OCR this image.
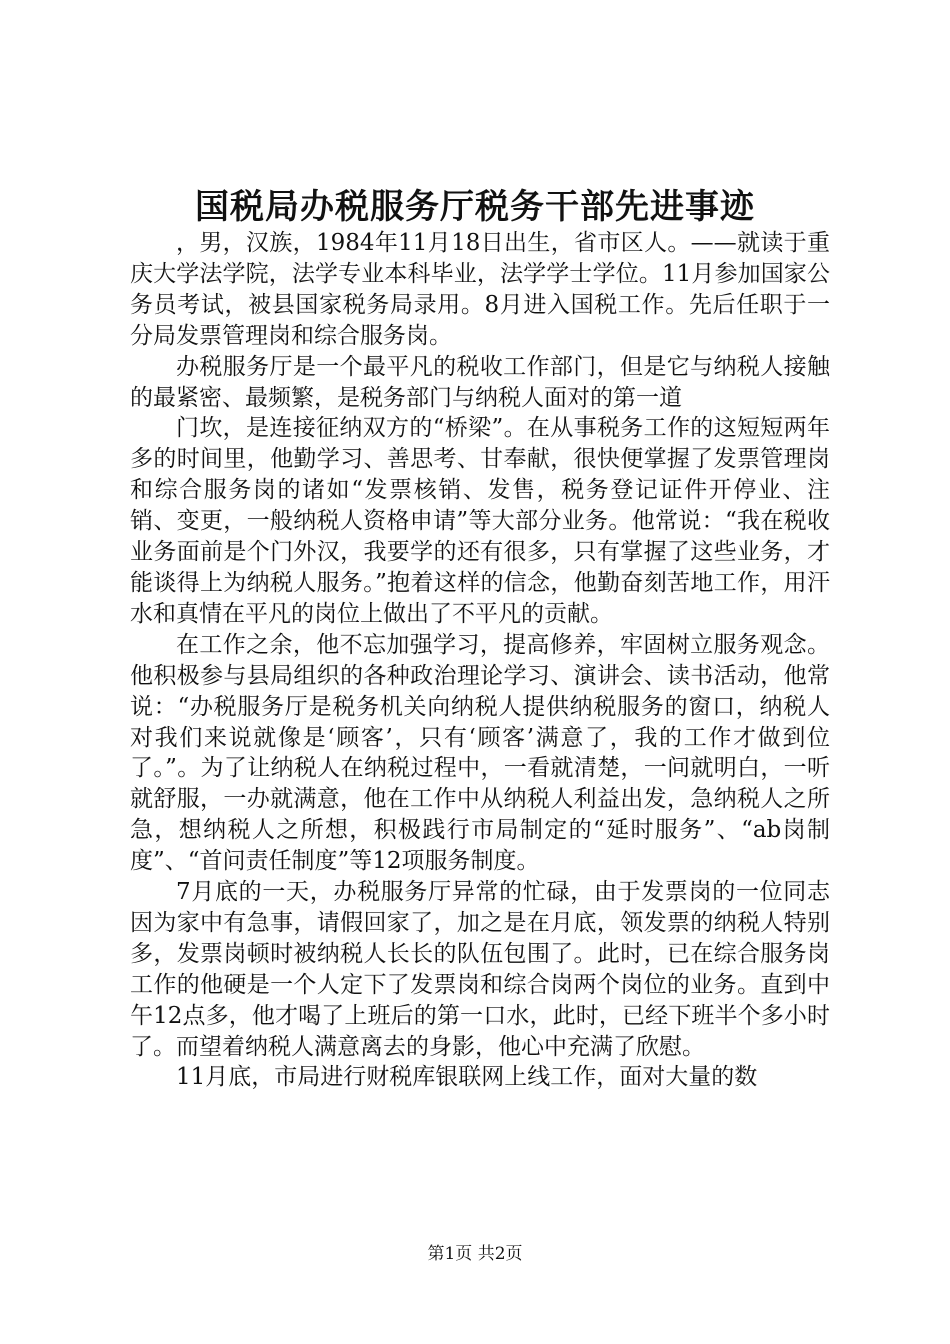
国税局办税服务厅税务干部先进事迹

，男，汉族，1984年11月18日出生，省市区人。——就读于重庆大学法学院，法学专业本科毕业，法学学士学位。11月参加国家公务员考试，被县国家税务局录用。8月进入国税工作。先后任职于一分局发票管理岗和综合服务岗。

办税服务厅是一个最平凡的税收工作部门，但是它与纳税人接触的最紧密、最频繁，是税务部门与纳税人面对的第一道

门坎，是连接征纳双方的“桥梁”。在从事税务工作的这短短两年多的时间里，他勤学习、善思考、甘奉献，很快便掌握了发票管理岗和综合服务岗的诸如“发票核销、发售，税务登记证件开停业、注销、变更，一般纳税人资格申请”等大部分业务。他常说：“我在税收业务面前是个门外汉，我要学的还有很多，只有掌握了这些业务，才能谈得上为纳税人服务。”抱着这样的信念，他勤奋刻苦地工作，用汗水和真情在平凡的岗位上做出了不平凡的贡献。

在工作之余，他不忘加强学习，提高修养，牢固树立服务观念。他积极参与县局组织的各种政治理论学习、演讲会、读书活动，他常说：“办税服务厅是税务机关向纳税人提供纳税服务的窗口，纳税人对我们来说就像是‘顾客’，只有‘顾客’满意了，我的工作才做到位了。”。为了让纳税人在纳税过程中，一看就清楚，一问就明白，一听就舒服，一办就满意，他在工作中从纳税人利益出发，急纳税人之所急，想纳税人之所想，积极践行市局制定的“延时服务”、“ab岗制度”、“首问责任制度”等12项服务制度。

7月底的一天，办税服务厅异常的忙碌，由于发票岗的一位同志因为家中有急事，请假回家了，加之是在月底，领发票的纳税人特别多，发票岗顿时被纳税人长长的队伍包围了。此时，已在综合服务岗工作的他硬是一个人定下了发票岗和综合岗两个岗位的业务。直到中午12点多，他才喝了上班后的第一口水，此时，已经下班半个多小时了。而望着纳税人满意离去的身影，他心中充满了欣慰。

11月底，市局进行财税库银联网上线工作，面对大量的数

第1页 共2页
